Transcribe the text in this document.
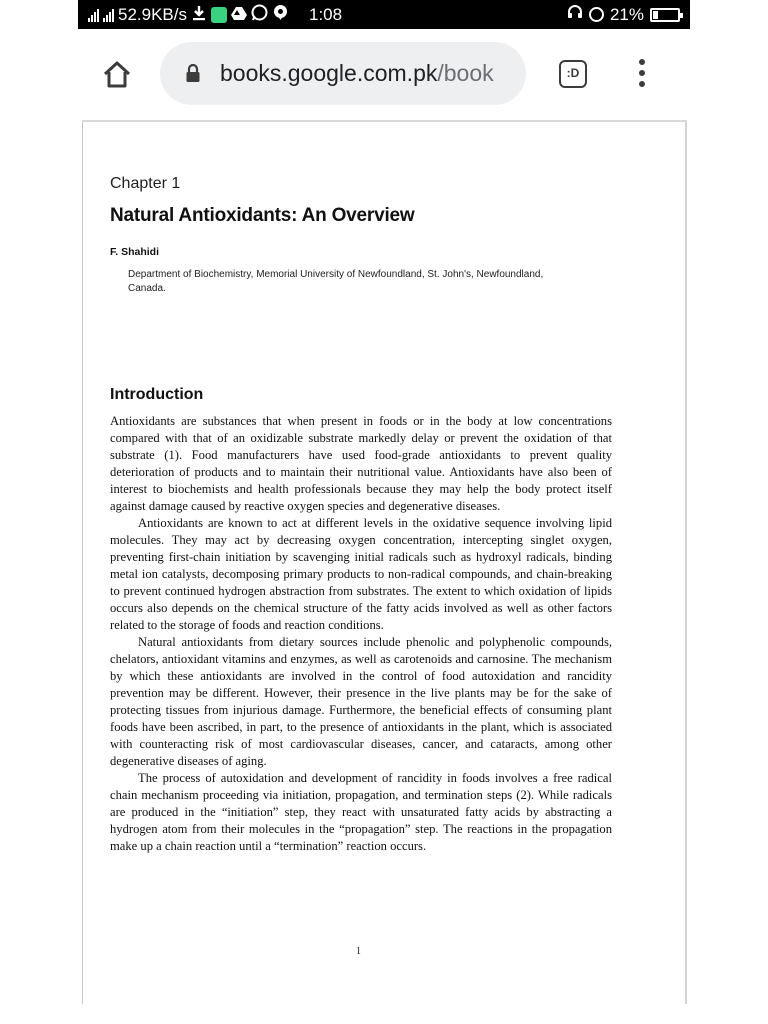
52.9KB/s	1:08	21%
books.google.com.pk/book	:D
Chapter 1
Natural Antioxidants: An Overview
F. Shahidi
Department of Biochemistry, Memorial University of Newfoundland, St. John's, Newfoundland, Canada.
Introduction

Antioxidants are substances that when present in foods or in the body at low concentrations compared with that of an oxidizable substrate markedly delay or prevent the oxidation of that substrate (1). Food manufacturers have used food-grade antioxidants to prevent quality deterioration of products and to maintain their nutritional value. Antioxidants have also been of interest to biochemists and health professionals because they may help the body protect itself against damage caused by reactive oxygen species and degenerative diseases.

Antioxidants are known to act at different levels in the oxidative sequence involving lipid molecules. They may act by decreasing oxygen concentration, intercepting singlet oxygen, preventing first-chain initiation by scavenging initial radicals such as hydroxyl radicals, binding metal ion catalysts, decomposing primary products to non-radical compounds, and chain-breaking to prevent continued hydrogen abstraction from substrates. The extent to which oxidation of lipids occurs also depends on the chemical structure of the fatty acids involved as well as other factors related to the storage of foods and reaction conditions.

Natural antioxidants from dietary sources include phenolic and polyphenolic compounds, chelators, antioxidant vitamins and enzymes, as well as carotenoids and carnosine. The mechanism by which these antioxidants are involved in the control of food autoxidation and rancidity prevention may be different. However, their presence in the live plants may be for the sake of protecting tissues from injurious damage. Furthermore, the beneficial effects of consuming plant foods have been ascribed, in part, to the presence of antioxidants in the plant, which is associated with counteracting risk of most cardiovascular diseases, cancer, and cataracts, among other degenerative diseases of aging.

The process of autoxidation and development of rancidity in foods involves a free radical chain mechanism proceeding via initiation, propagation, and termination steps (2). While radicals are produced in the “initiation” step, they react with unsaturated fatty acids by abstracting a hydrogen atom from their molecules in the “propagation” step. The reactions in the propagation make up a chain reaction until a “termination” reaction occurs.

1
